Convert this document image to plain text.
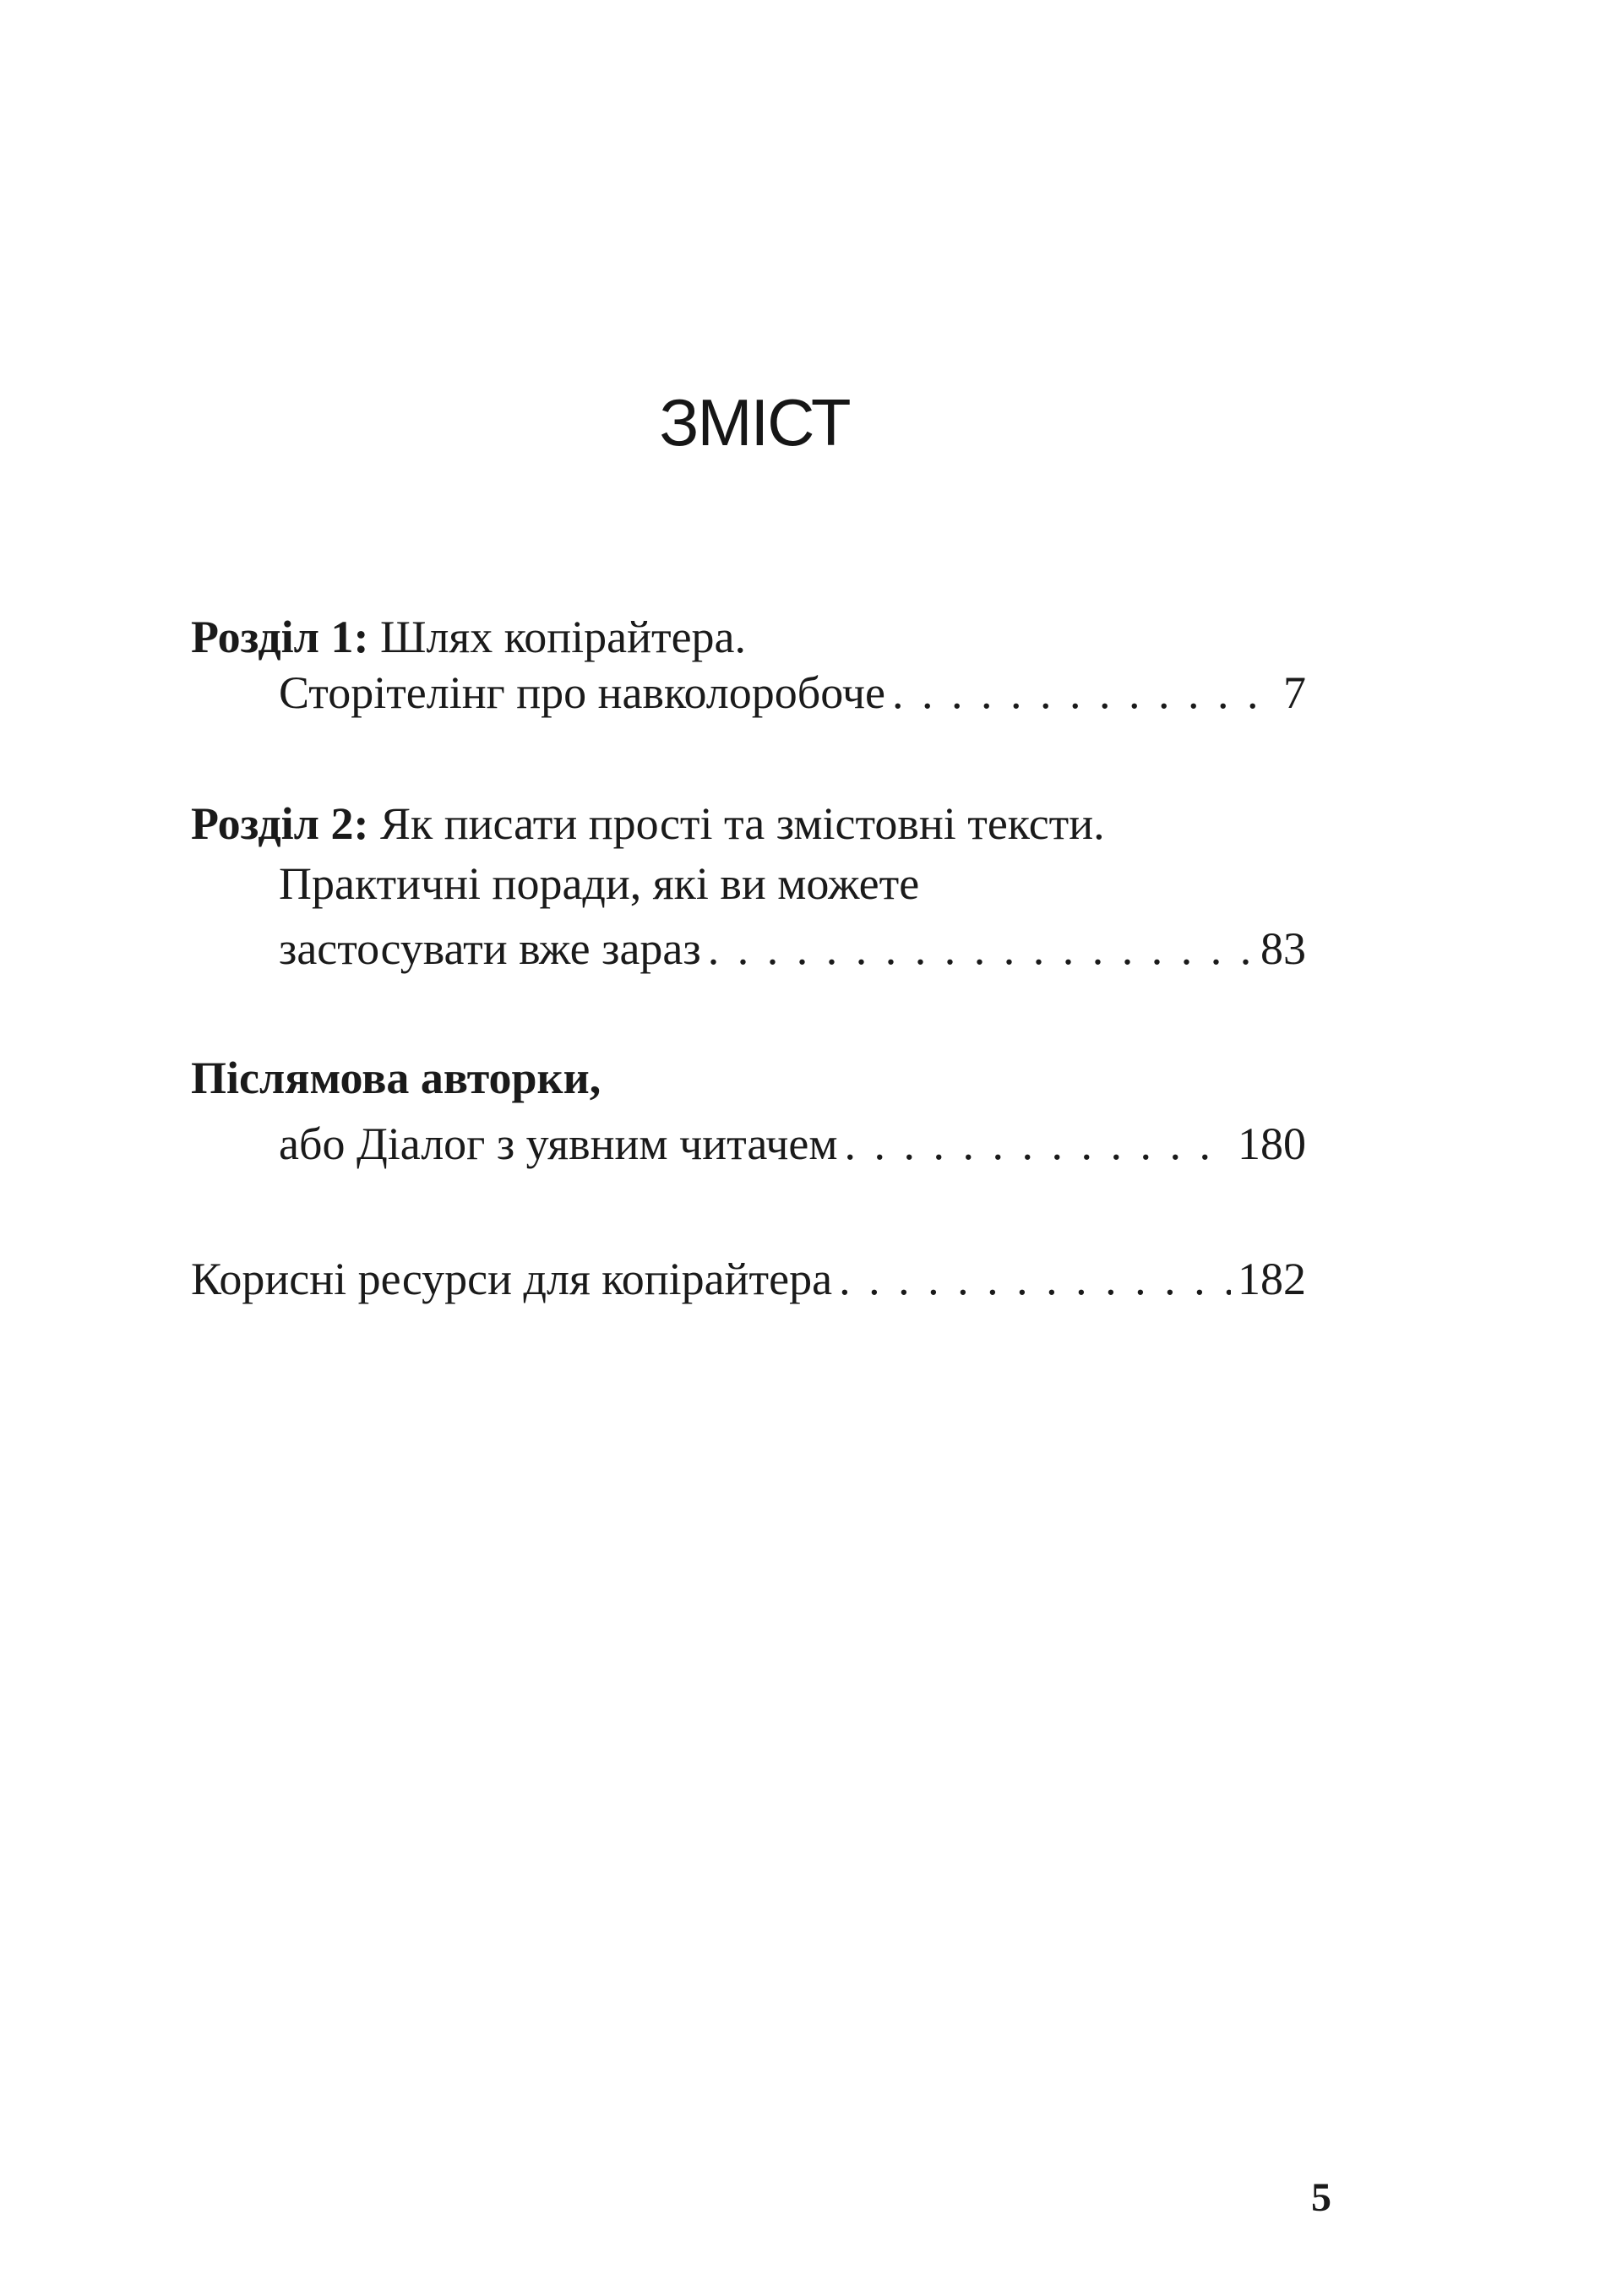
ЗМІСТ
Розділ 1:
Шлях копірайтера.
Сторітелінг про навколоробоче . . .	7
Розділ 2:
Як писати прості та змістовні тексти.
Практичні поради, які ви можете
застосувати вже зараз . . .	83
Післямова авторки,
або Діалог з уявним читачем . . .	180
Корисні ресурси для копірайтера . . .	182
5
